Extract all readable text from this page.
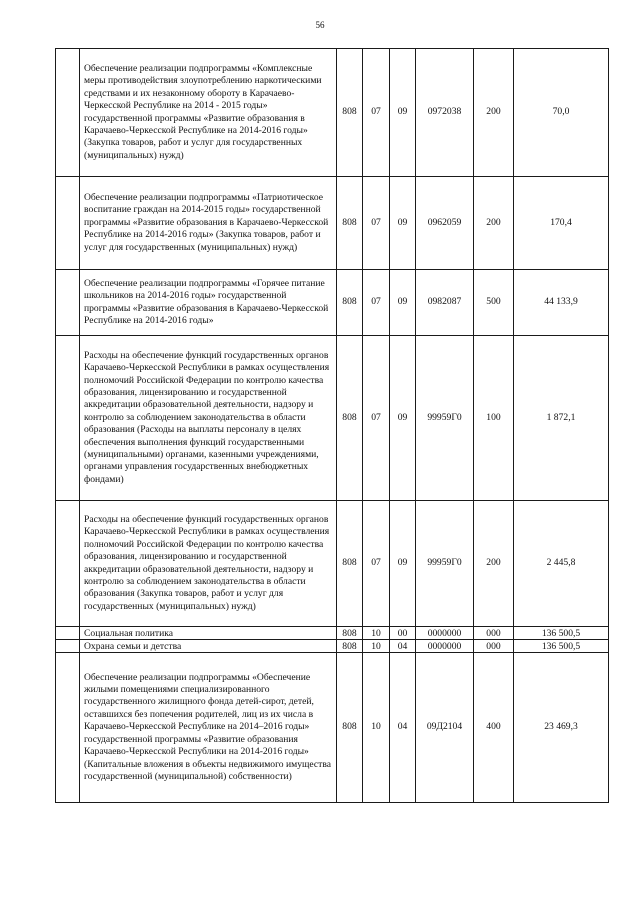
56
	Обеспечение реализации подпрограммы «Комплексные меры противодействия злоупотреблению наркотическими средствами и их незаконному обороту в Карачаево-Черкесской Республике на 2014 - 2015 годы» государственной программы «Развитие образования в Карачаево-Черкесской Республике на 2014-2016 годы» (Закупка товаров, работ и услуг для государственных (муниципальных) нужд)	808	07	09	0972038	200	70,0
	Обеспечение реализации подпрограммы «Патриотическое воспитание граждан на 2014-2015 годы» государственной программы «Развитие образования в Карачаево-Черкесской Республике на 2014-2016 годы» (Закупка товаров, работ и услуг для государственных (муниципальных) нужд)	808	07	09	0962059	200	170,4
	Обеспечение реализации подпрограммы «Горячее питание школьников на 2014-2016 годы» государственной программы «Развитие образования в Карачаево-Черкесской Республике на 2014-2016 годы»	808	07	09	0982087	500	44 133,9
	Расходы на обеспечение функций государственных органов Карачаево-Черкесской Республики в рамках осуществления полномочий Российской Федерации по контролю качества образования, лицензированию и государственной аккредитации образовательной деятельности, надзору и контролю за соблюдением законодательства в области образования (Расходы на выплаты персоналу в целях обеспечения выполнения функций государственными (муниципальными) органами, казенными учреждениями, органами управления государственных внебюджетных фондами)	808	07	09	99959Г0	100	1 872,1
	Расходы на обеспечение функций государственных органов Карачаево-Черкесской Республики в рамках осуществления полномочий Российской Федерации по контролю качества образования, лицензированию и государственной аккредитации образовательной деятельности, надзору и контролю за соблюдением законодательства в области образования (Закупка товаров, работ и услуг для государственных (муниципальных) нужд)	808	07	09	99959Г0	200	2 445,8
	Социальная политика	808	10	00	0000000	000	136 500,5
	Охрана семьи и детства	808	10	04	0000000	000	136 500,5
	Обеспечение реализации подпрограммы «Обеспечение жилыми помещениями специализированного государственного жилищного фонда детей-сирот, детей, оставшихся без попечения родителей, лиц из их числа в Карачаево-Черкесской Республике на 2014–2016 годы» государственной программы «Развитие образования Карачаево-Черкесской Республики на 2014-2016 годы» (Капитальные вложения в объекты недвижимого имущества государственной (муниципальной) собственности)	808	10	04	09Д2104	400	23 469,3
